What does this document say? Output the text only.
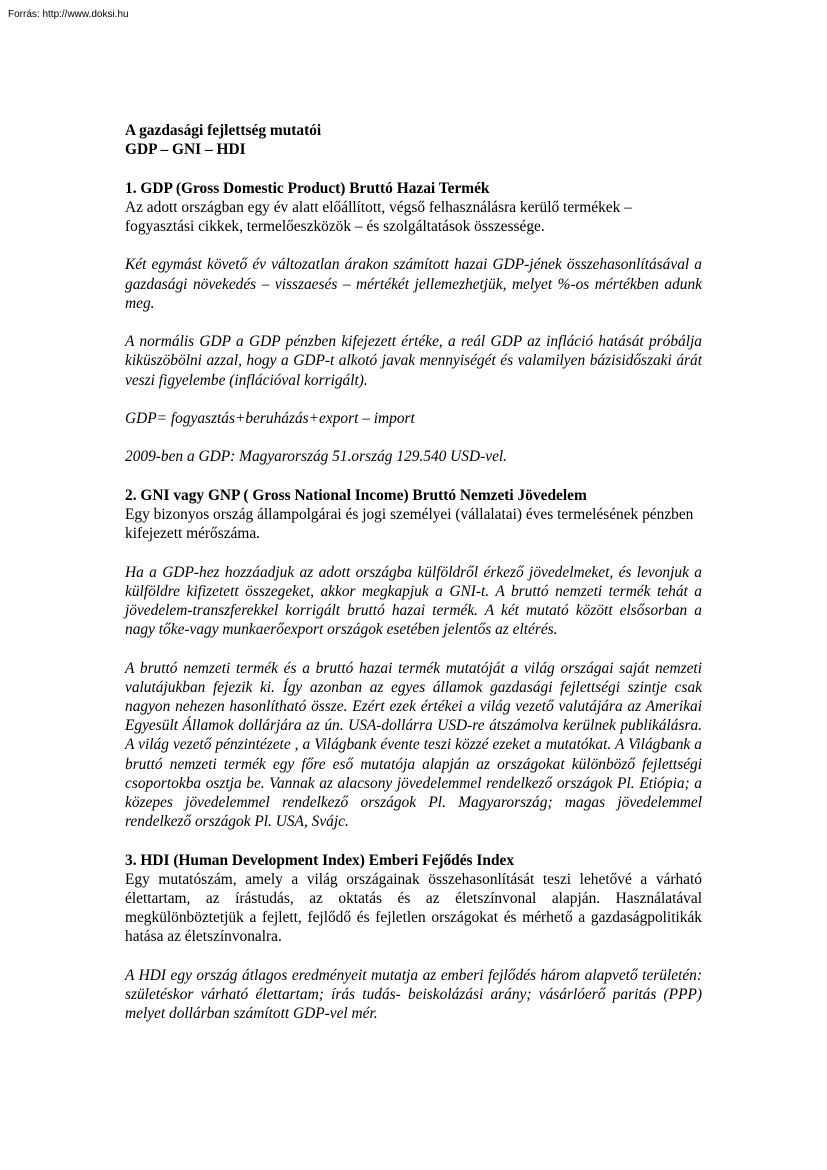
Forrás: http://www.doksi.hu

A gazdasági fejlettség mutatói

GDP – GNI – HDI

1. GDP (Gross Domestic Product) Bruttó Hazai Termék

Az adott országban egy év alatt előállított, végső felhasználásra kerülő termékek – fogyasztási cikkek, termelőeszközök – és szolgáltatások összessége.

Két egymást követő év változatlan árakon számított hazai GDP-jének összehasonlításával a gazdasági növekedés – visszaesés – mértékét jellemezhetjük, melyet %-os mértékben adunk meg.

A normális GDP a GDP pénzben kifejezett értéke, a reál GDP az infláció hatását próbálja kiküszöbölni azzal, hogy a GDP-t alkotó javak mennyiségét és valamilyen bázisidőszaki árát veszi figyelembe (inflációval korrigált).

GDP= fogyasztás+beruházás+export – import

2009-ben a GDP: Magyarország 51.ország 129.540 USD-vel.

2. GNI vagy GNP ( Gross National Income) Bruttó Nemzeti Jövedelem

Egy bizonyos ország állampolgárai és jogi személyei (vállalatai) éves termelésének pénzben kifejezett mérőszáma.

Ha a GDP-hez hozzáadjuk az adott országba külföldről érkező jövedelmeket, és levonjuk a külföldre kifizetett összegeket, akkor megkapjuk a GNI-t. A bruttó nemzeti termék tehát a jövedelem-transzferekkel korrigált bruttó hazai termék. A két mutató között elsősorban a nagy tőke-vagy munkaerőexport országok esetében jelentős az eltérés.

A bruttó nemzeti termék és a bruttó hazai termék mutatóját a világ országai saját nemzeti valutájukban fejezik ki. Így azonban az egyes államok gazdasági fejlettségi szintje csak nagyon nehezen hasonlítható össze. Ezért ezek értékei a világ vezető valutájára az Amerikai Egyesült Államok dollárjára az ún. USA-dollárra USD-re átszámolva kerülnek publikálásra. A világ vezető pénzintézete , a Világbank évente teszi közzé ezeket a mutatókat. A Világbank a bruttó nemzeti termék egy főre eső mutatója alapján az országokat különböző fejlettségi csoportokba osztja be. Vannak az alacsony jövedelemmel rendelkező országok Pl. Etiópia; a közepes jövedelemmel rendelkező országok Pl. Magyarország; magas jövedelemmel rendelkező országok Pl. USA, Svájc.

3. HDI (Human Development Index) Emberi Fejődés Index

Egy mutatószám, amely a világ országainak összehasonlítását teszi lehetővé a várható élettartam, az írástudás, az oktatás és az életszínvonal alapján. Használatával megkülönböztetjük a fejlett, fejlődő és fejletlen országokat és mérhető a gazdaságpolitikák hatása az életszínvonalra.

A HDI egy ország átlagos eredményeit mutatja az emberi fejlődés három alapvető területén: születéskor várható élettartam; írás tudás- beiskolázási arány; vásárlóerő paritás (PPP) melyet dollárban számított GDP-vel mér.
